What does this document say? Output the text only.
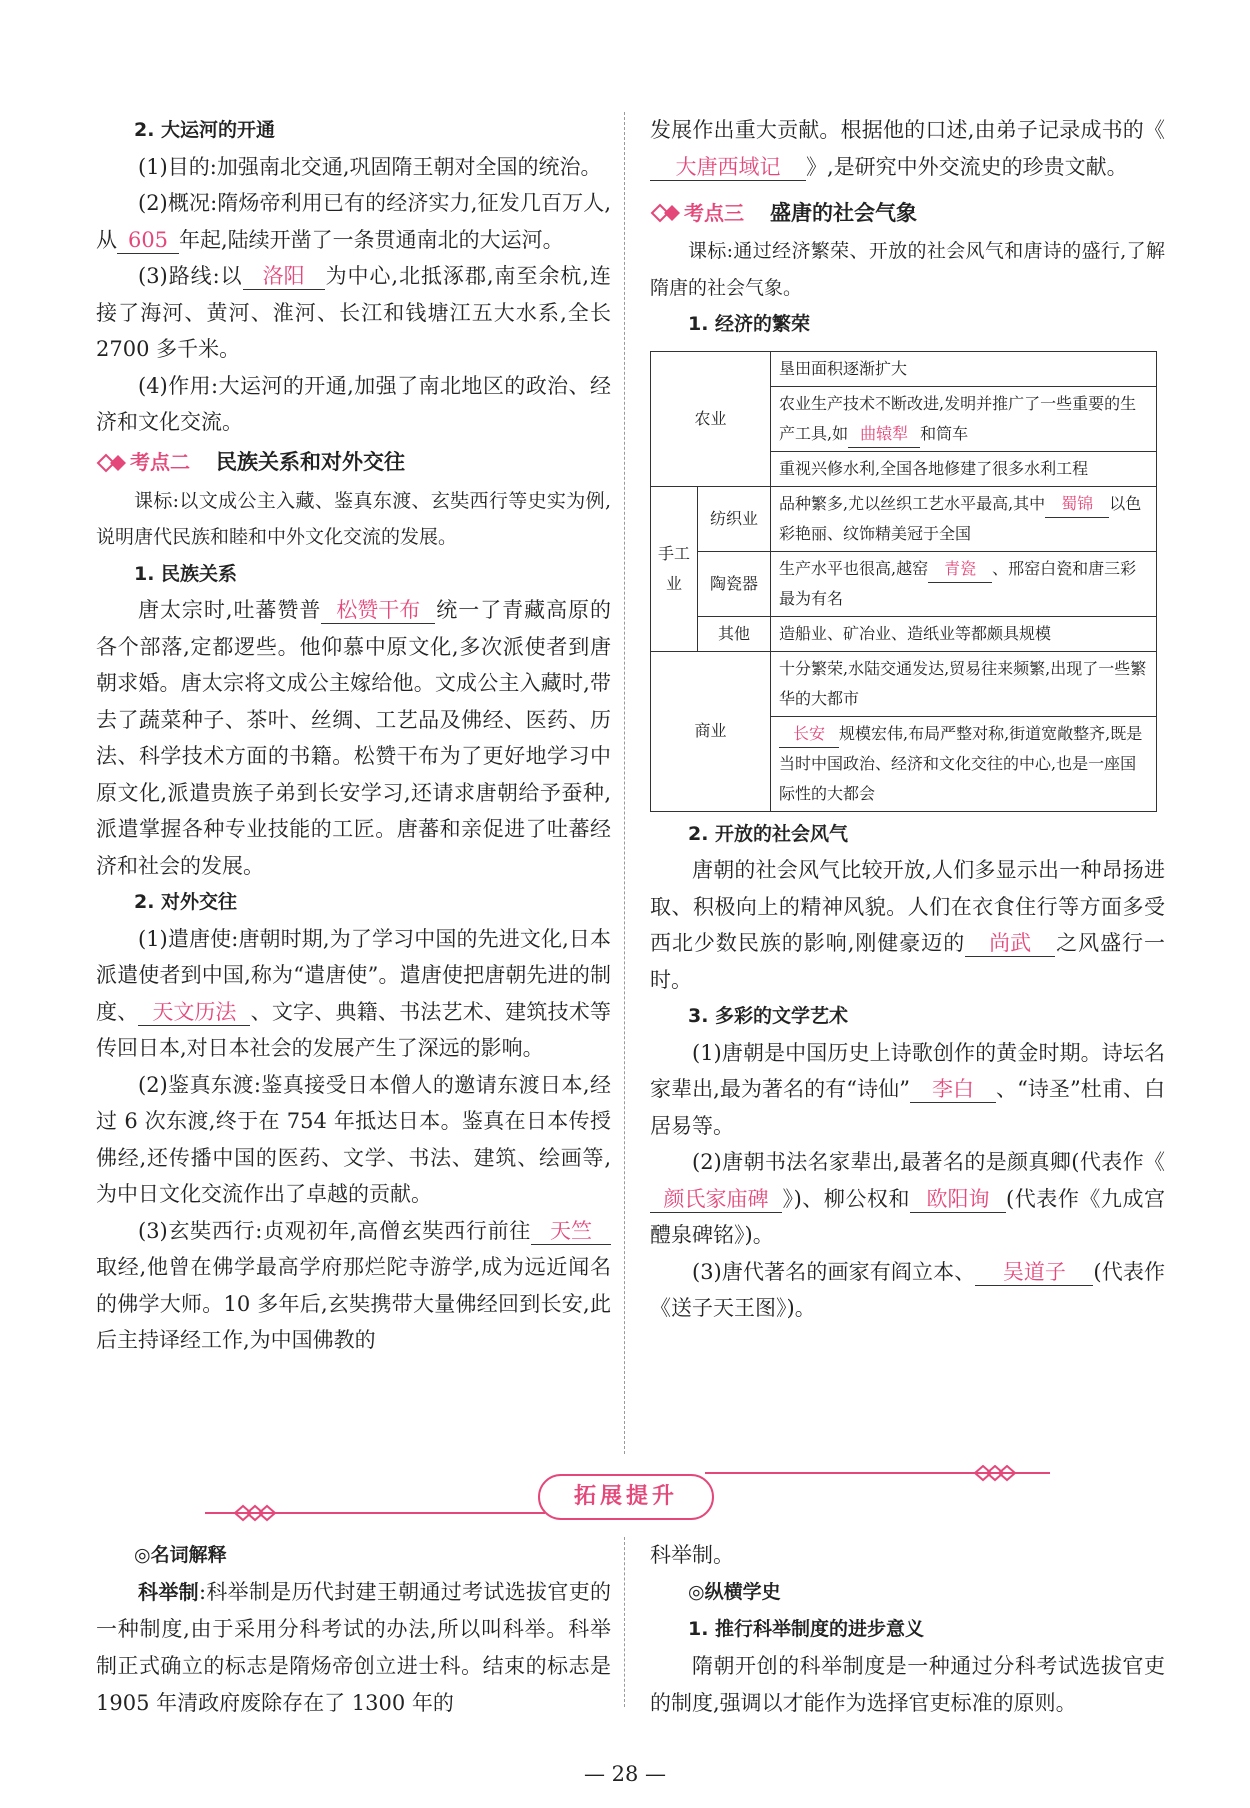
2. 大运河的开通

(1)目的:加强南北交通,巩固隋王朝对全国的统治。

(2)概况:隋炀帝利用已有的经济实力,征发几百万人,从 605 年起,陆续开凿了一条贯通南北的大运河。

(3)路线:以 洛阳 为中心,北抵涿郡,南至余杭,连接了海河、黄河、淮河、长江和钱塘江五大水系,全长 2700 多千米。

(4)作用:大运河的开通,加强了南北地区的政治、经济和文化交流。

考点二 民族关系和对外交往

课标:以文成公主入藏、鉴真东渡、玄奘西行等史实为例,说明唐代民族和睦和中外文化交流的发展。

1. 民族关系

唐太宗时,吐蕃赞普 松赞干布 统一了青藏高原的各个部落,定都逻些。他仰慕中原文化,多次派使者到唐朝求婚。唐太宗将文成公主嫁给他。文成公主入藏时,带去了蔬菜种子、茶叶、丝绸、工艺品及佛经、医药、历法、科学技术方面的书籍。松赞干布为了更好地学习中原文化,派遣贵族子弟到长安学习,还请求唐朝给予蚕种,派遣掌握各种专业技能的工匠。唐蕃和亲促进了吐蕃经济和社会的发展。

2. 对外交往

(1)遣唐使:唐朝时期,为了学习中国的先进文化,日本派遣使者到中国,称为“遣唐使”。遣唐使把唐朝先进的制度、 天文历法 、文字、典籍、书法艺术、建筑技术等传回日本,对日本社会的发展产生了深远的影响。

(2)鉴真东渡:鉴真接受日本僧人的邀请东渡日本,经过 6 次东渡,终于在 754 年抵达日本。鉴真在日本传授佛经,还传播中国的医药、文学、书法、建筑、绘画等,为中日文化交流作出了卓越的贡献。

(3)玄奘西行:贞观初年,高僧玄奘西行前往 天竺取经,他曾在佛学最高学府那烂陀寺游学,成为远近闻名的佛学大师。10 多年后,玄奘携带大量佛经回到长安,此后主持译经工作,为中国佛教的

发展作出重大贡献。根据他的口述,由弟子记录成书的《大唐西域记 》,是研究中外交流史的珍贵文献。

考点三 盛唐的社会气象

课标:通过经济繁荣、开放的社会风气和唐诗的盛行,了解隋唐的社会气象。

1. 经济的繁荣

农业		垦田面积逐渐扩大
		农业生产技术不断改进,发明并推广了一些重要的生产工具,如 曲辕犁 和筒车
		重视兴修水利,全国各地修建了很多水利工程
手工业	纺织业	品种繁多,尤以丝织工艺水平最高,其中 蜀锦 以色彩艳丽、纹饰精美冠于全国
	陶瓷器	生产水平也很高,越窑 青瓷 、邢窑白瓷和唐三彩最为有名
	其他	造船业、矿冶业、造纸业等都颇具规模
商业		十分繁荣,水陆交通发达,贸易往来频繁,出现了一些繁华的大都市
		长安 规模宏伟,布局严整对称,街道宽敞整齐,既是当时中国政治、经济和文化交往的中心,也是一座国际性的大都会

2. 开放的社会风气

唐朝的社会风气比较开放,人们多显示出一种昂扬进取、积极向上的精神风貌。人们在衣食住行等方面多受西北少数民族的影响,刚健豪迈的 尚武 之风盛行一时。

3. 多彩的文学艺术

(1)唐朝是中国历史上诗歌创作的黄金时期。诗坛名家辈出,最为著名的有“诗仙” 李白 、“诗圣”杜甫、白居易等。

(2)唐朝书法名家辈出,最著名的是颜真卿(代表作《颜氏家庙碑 》)、柳公权和 欧阳询 (代表作《九成宫醴泉碑铭》)。

(3)唐代著名的画家有阎立本、 吴道子 (代表作《送子天王图》)。

拓展提升

◎名词解释

科举制:科举制是历代封建王朝通过考试选拔官吏的一种制度,由于采用分科考试的办法,所以叫科举。科举制正式确立的标志是隋炀帝创立进士科。结束的标志是 1905 年清政府废除存在了 1300 年的

科举制。

◎纵横学史

1. 推行科举制度的进步意义

隋朝开创的科举制度是一种通过分科考试选拔官吏的制度,强调以才能作为选择官吏标准的原则。

— 28 —
